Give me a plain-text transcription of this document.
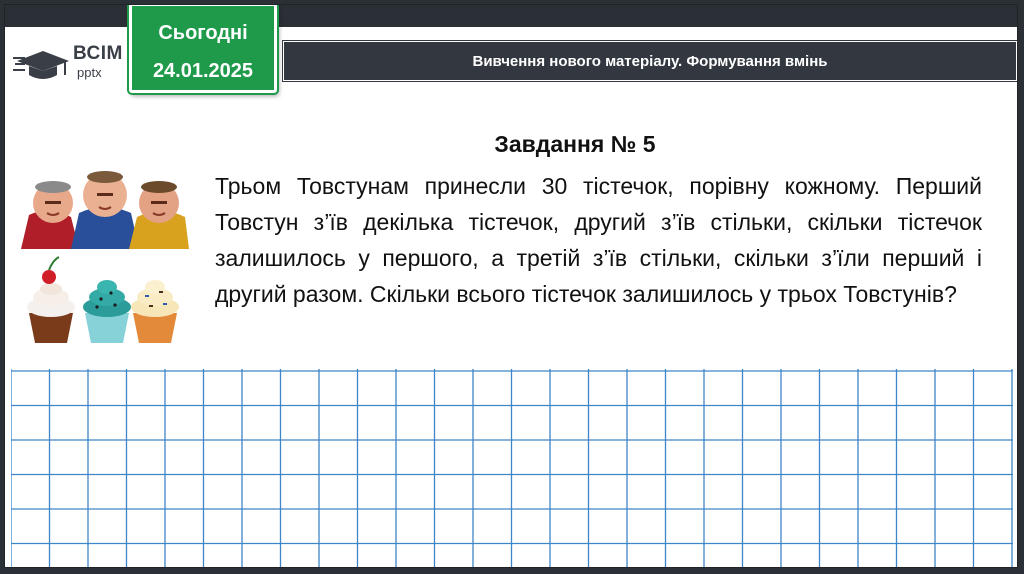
ВСІМ
pptx
Сьогодні
24.01.2025	Вивчення нового матеріалу. Формування вмінь
Завдання № 5
Трьом Товстунам принесли 30 тістечок, порівну кожному. Перший Товстун з’їв декілька тістечок, другий з’їв стільки, скільки тістечок залишилось у першого, а третій з’їв стільки, скільки з’їли перший і другий разом. Скільки всього тістечок залишилось у трьох Товстунів?
